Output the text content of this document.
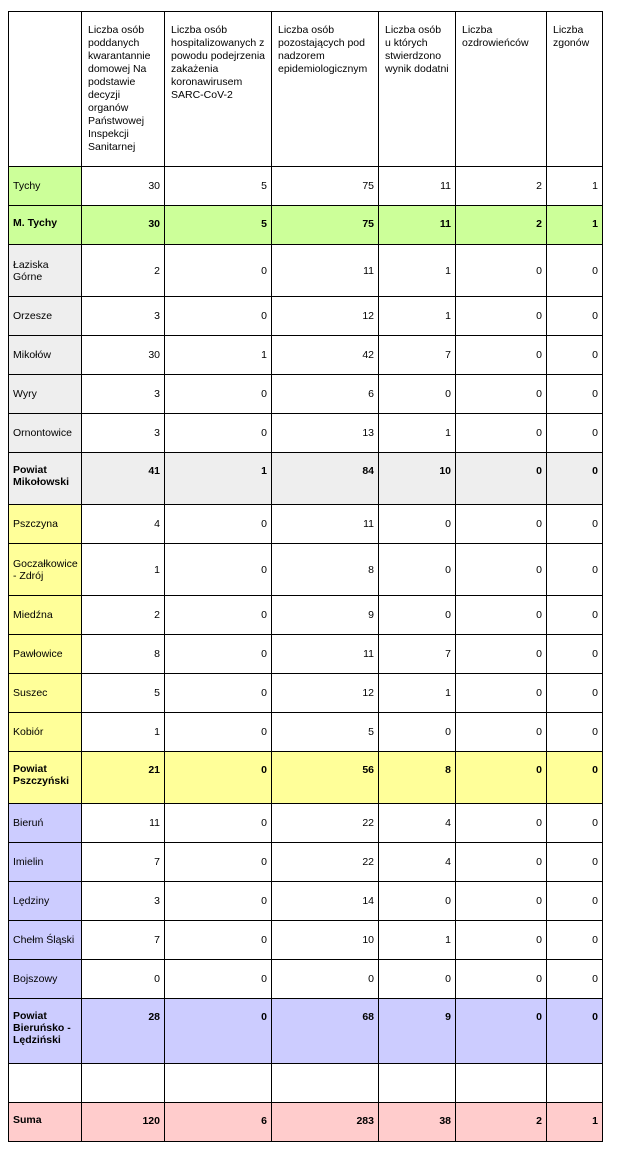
	Liczba osób poddanych kwarantannie domowej Na podstawie decyzji organów Państwowej Inspekcji Sanitarnej	Liczba osób hospitalizowanych z powodu podejrzenia zakażenia koronawirusem SARC-CoV-2	Liczba osób pozostających pod nadzorem epidemiologicznym	Liczba osób u których stwierdzono wynik dodatni	Liczba ozdrowieńców	Liczba zgonów
Tychy	30	5	75	11	2	1
M. Tychy	30	5	75	11	2	1
Łaziska Górne	2	0	11	1	0	0
Orzesze	3	0	12	1	0	0
Mikołów	30	1	42	7	0	0
Wyry	3	0	6	0	0	0
Ornontowice	3	0	13	1	0	0
Powiat Mikołowski	41	1	84	10	0	0
Pszczyna	4	0	11	0	0	0
Goczałkowice - Zdrój	1	0	8	0	0	0
Miedźna	2	0	9	0	0	0
Pawłowice	8	0	11	7	0	0
Suszec	5	0	12	1	0	0
Kobiór	1	0	5	0	0	0
Powiat Pszczyński	21	0	56	8	0	0
Bieruń	11	0	22	4	0	0
Imielin	7	0	22	4	0	0
Lędziny	3	0	14	0	0	0
Chełm Śląski	7	0	10	1	0	0
Bojszowy	0	0	0	0	0	0
Powiat Bieruńsko - Lędziński	28	0	68	9	0	0

Suma	120	6	283	38	2	1
